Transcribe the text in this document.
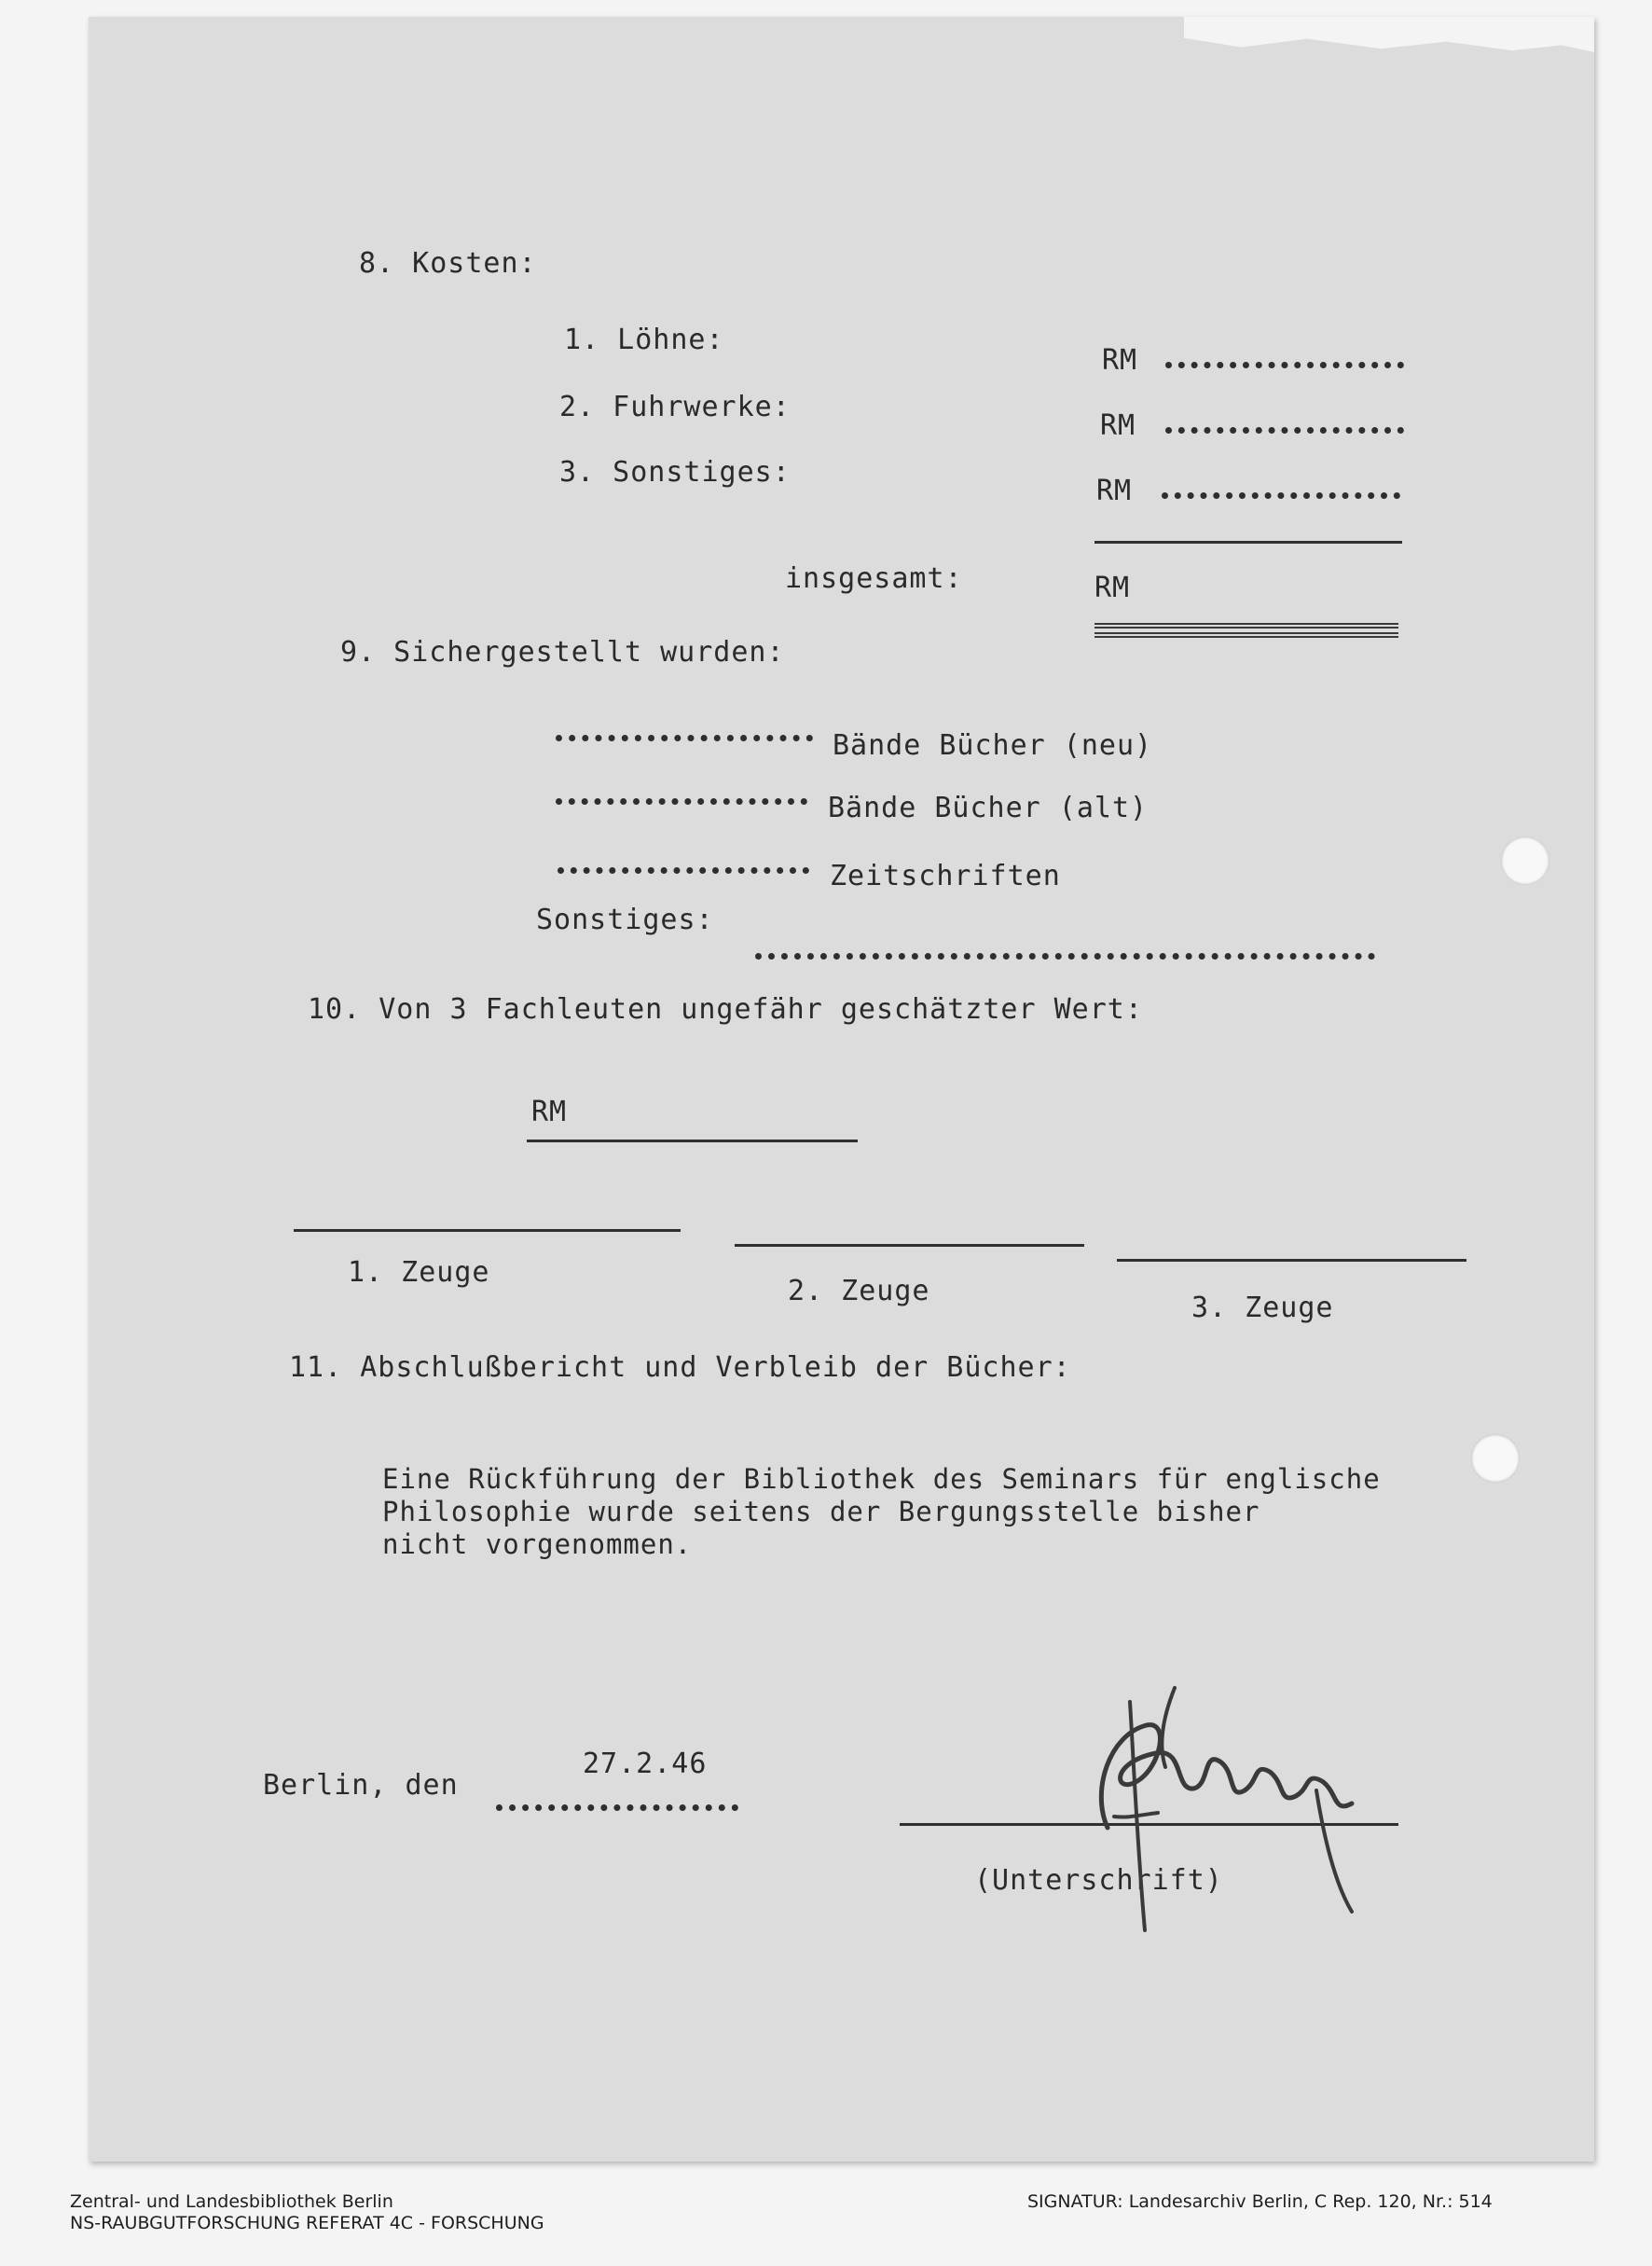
8. Kosten:
1. Löhne:
RM
2. Fuhrwerke:
RM
3. Sonstiges:
RM
insgesamt:	RM
9. Sichergestellt wurden:
Bände Bücher (neu)
Bände Bücher (alt)
Zeitschriften
Sonstiges:
10. Von 3 Fachleuten ungefähr geschätzter Wert:
RM
1. Zeuge
2. Zeuge
3. Zeuge
11. Abschlußbericht und Verbleib der Bücher:
Eine Rückführung der Bibliothek des Seminars für englische
Philosophie wurde seitens der Bergungsstelle bisher
nicht vorgenommen.
27.2.46
Berlin, den
(Unterschrift)
Zentral- und Landesbibliothek Berlin
NS-RAUBGUTFORSCHUNG REFERAT 4C - FORSCHUNG
SIGNATUR: Landesarchiv Berlin, C Rep. 120, Nr.: 514
